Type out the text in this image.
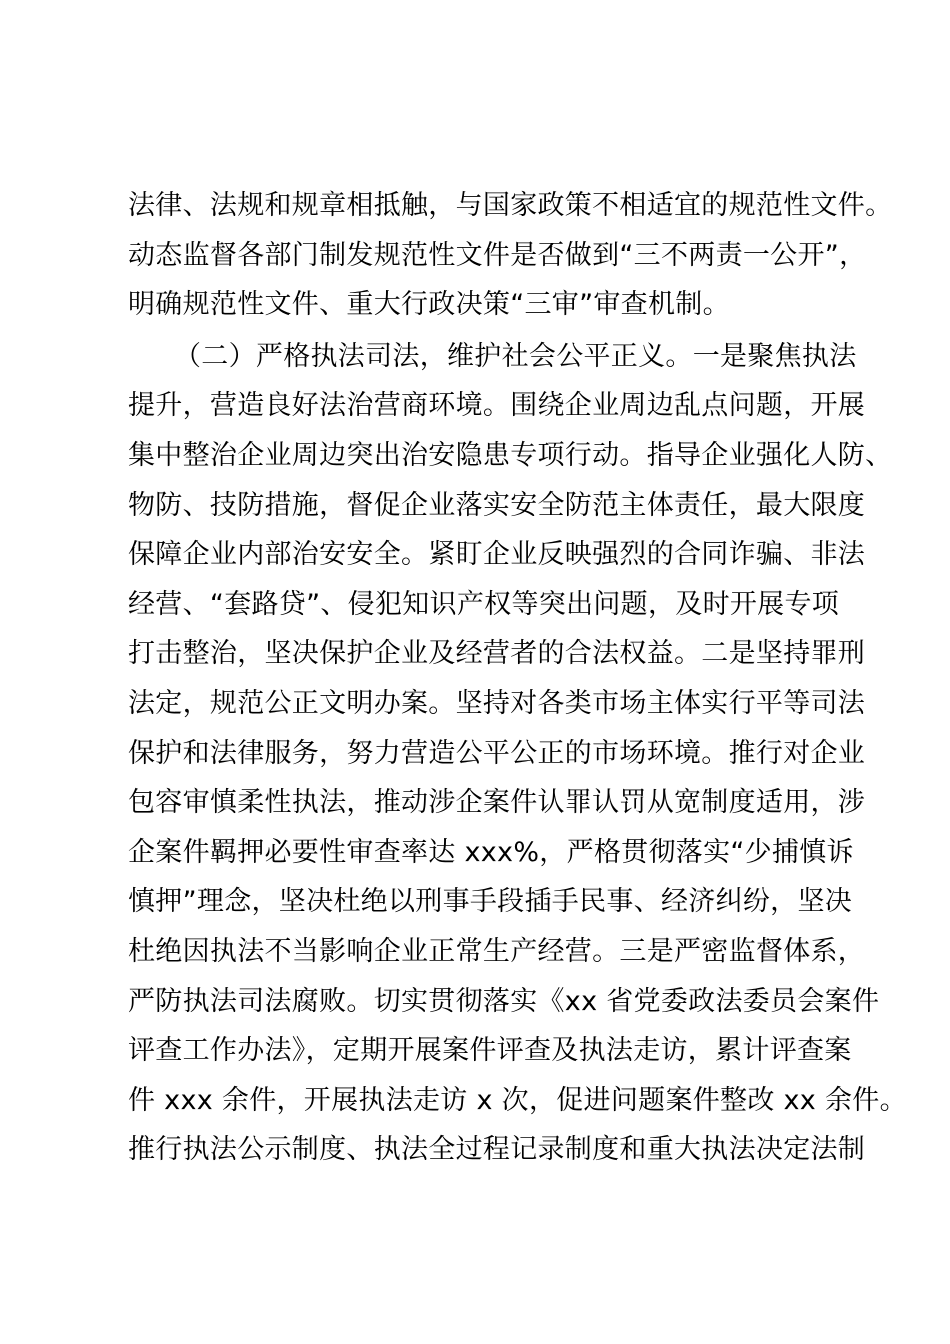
法律、法规和规章相抵触，与国家政策不相适宜的规范性文件。
动态监督各部门制发规范性文件是否做到“三不两责一公开”，
明确规范性文件、重大行政决策“三审”审查机制。
（二）严格执法司法，维护社会公平正义。一是聚焦执法
提升，营造良好法治营商环境。围绕企业周边乱点问题，开展
集中整治企业周边突出治安隐患专项行动。指导企业强化人防、
物防、技防措施，督促企业落实安全防范主体责任，最大限度
保障企业内部治安安全。紧盯企业反映强烈的合同诈骗、非法
经营、“套路贷”、侵犯知识产权等突出问题，及时开展专项
打击整治，坚决保护企业及经营者的合法权益。二是坚持罪刑
法定，规范公正文明办案。坚持对各类市场主体实行平等司法
保护和法律服务，努力营造公平公正的市场环境。推行对企业
包容审慎柔性执法，推动涉企案件认罪认罚从宽制度适用，涉
企案件羁押必要性审查率达 xxx%，严格贯彻落实“少捕慎诉
慎押”理念，坚决杜绝以刑事手段插手民事、经济纠纷，坚决
杜绝因执法不当影响企业正常生产经营。三是严密监督体系，
严防执法司法腐败。切实贯彻落实《xx 省党委政法委员会案件
评查工作办法》，定期开展案件评查及执法走访，累计评查案
件 xxx 余件，开展执法走访 x 次，促进问题案件整改 xx 余件。
推行执法公示制度、执法全过程记录制度和重大执法决定法制
